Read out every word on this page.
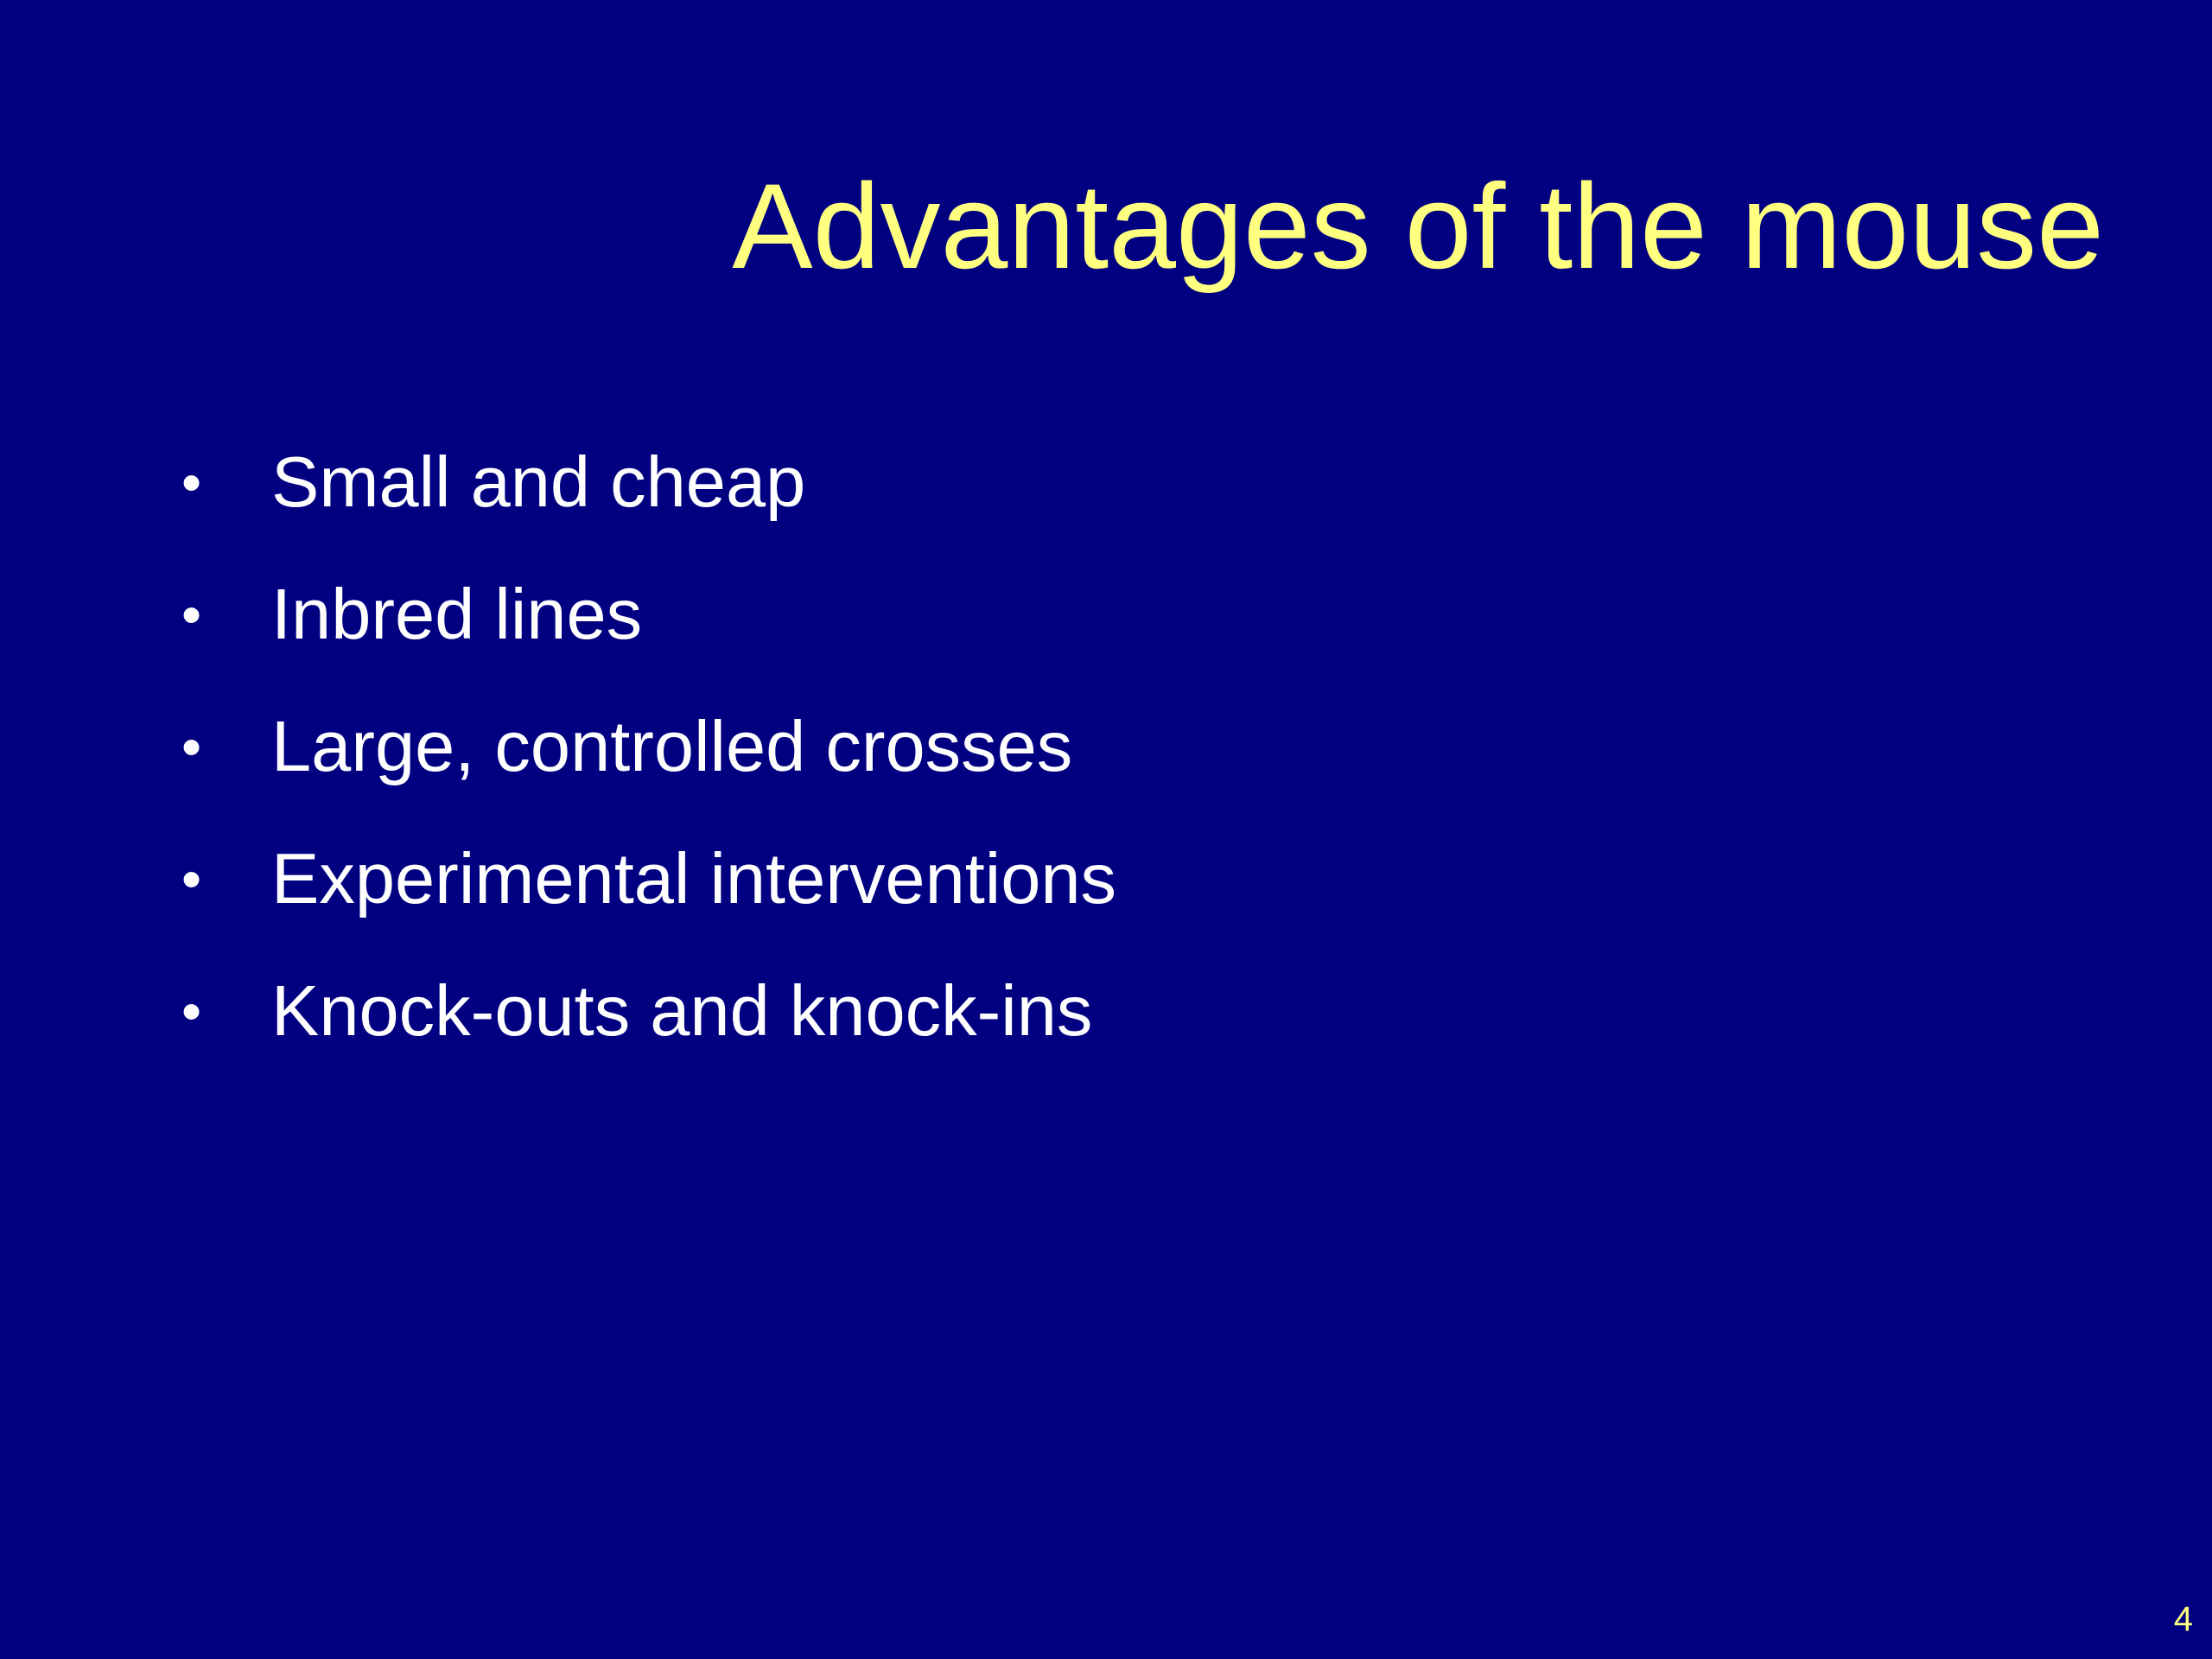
Advantages of the mouse
• Small and cheap
• Inbred lines
• Large, controlled crosses
• Experimental interventions
• Knock-outs and knock-ins
4
